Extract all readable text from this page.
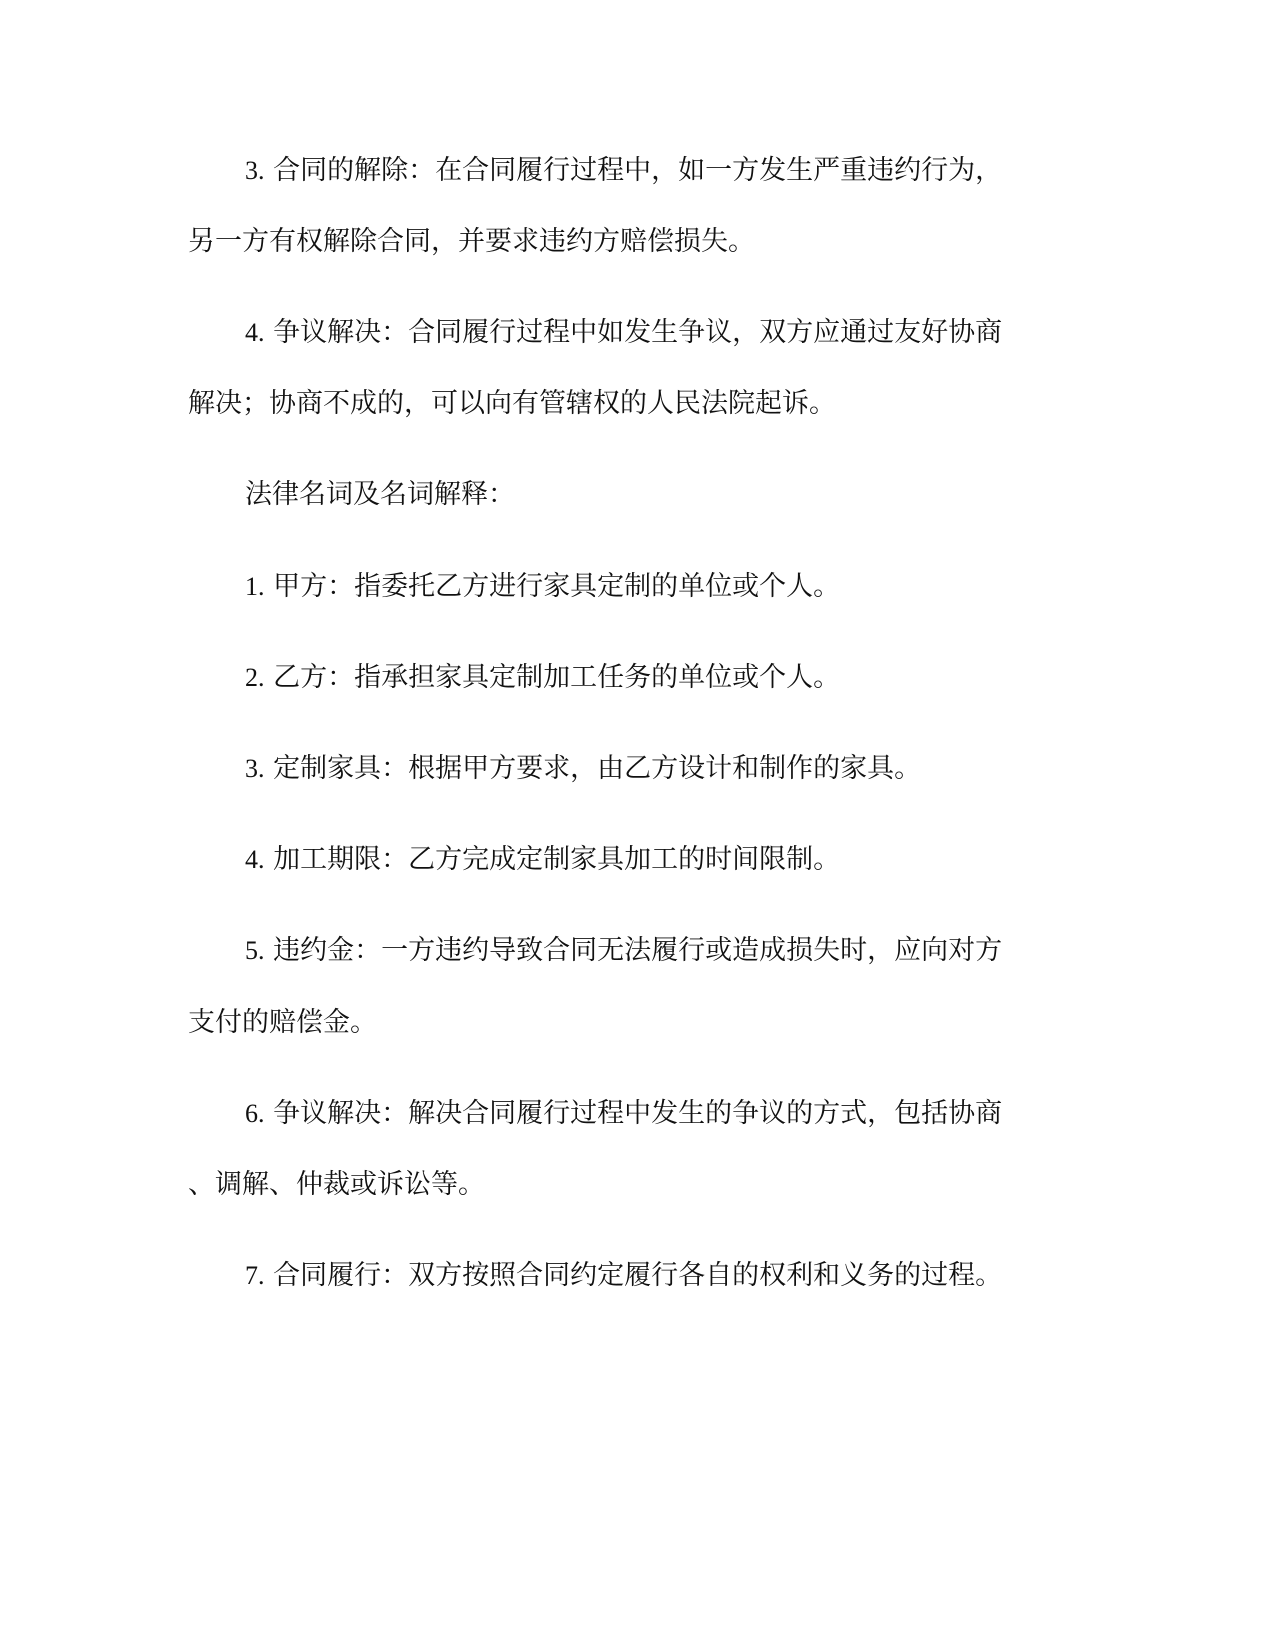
3. 合同的解除：在合同履行过程中，如一方发生严重违约行为，
另一方有权解除合同，并要求违约方赔偿损失。
4. 争议解决：合同履行过程中如发生争议，双方应通过友好协商
解决；协商不成的，可以向有管辖权的人民法院起诉。
法律名词及名词解释：
1. 甲方：指委托乙方进行家具定制的单位或个人。
2. 乙方：指承担家具定制加工任务的单位或个人。
3. 定制家具：根据甲方要求，由乙方设计和制作的家具。
4. 加工期限：乙方完成定制家具加工的时间限制。
5. 违约金：一方违约导致合同无法履行或造成损失时，应向对方
支付的赔偿金。
6. 争议解决：解决合同履行过程中发生的争议的方式，包括协商
、调解、仲裁或诉讼等。
7. 合同履行：双方按照合同约定履行各自的权利和义务的过程。
